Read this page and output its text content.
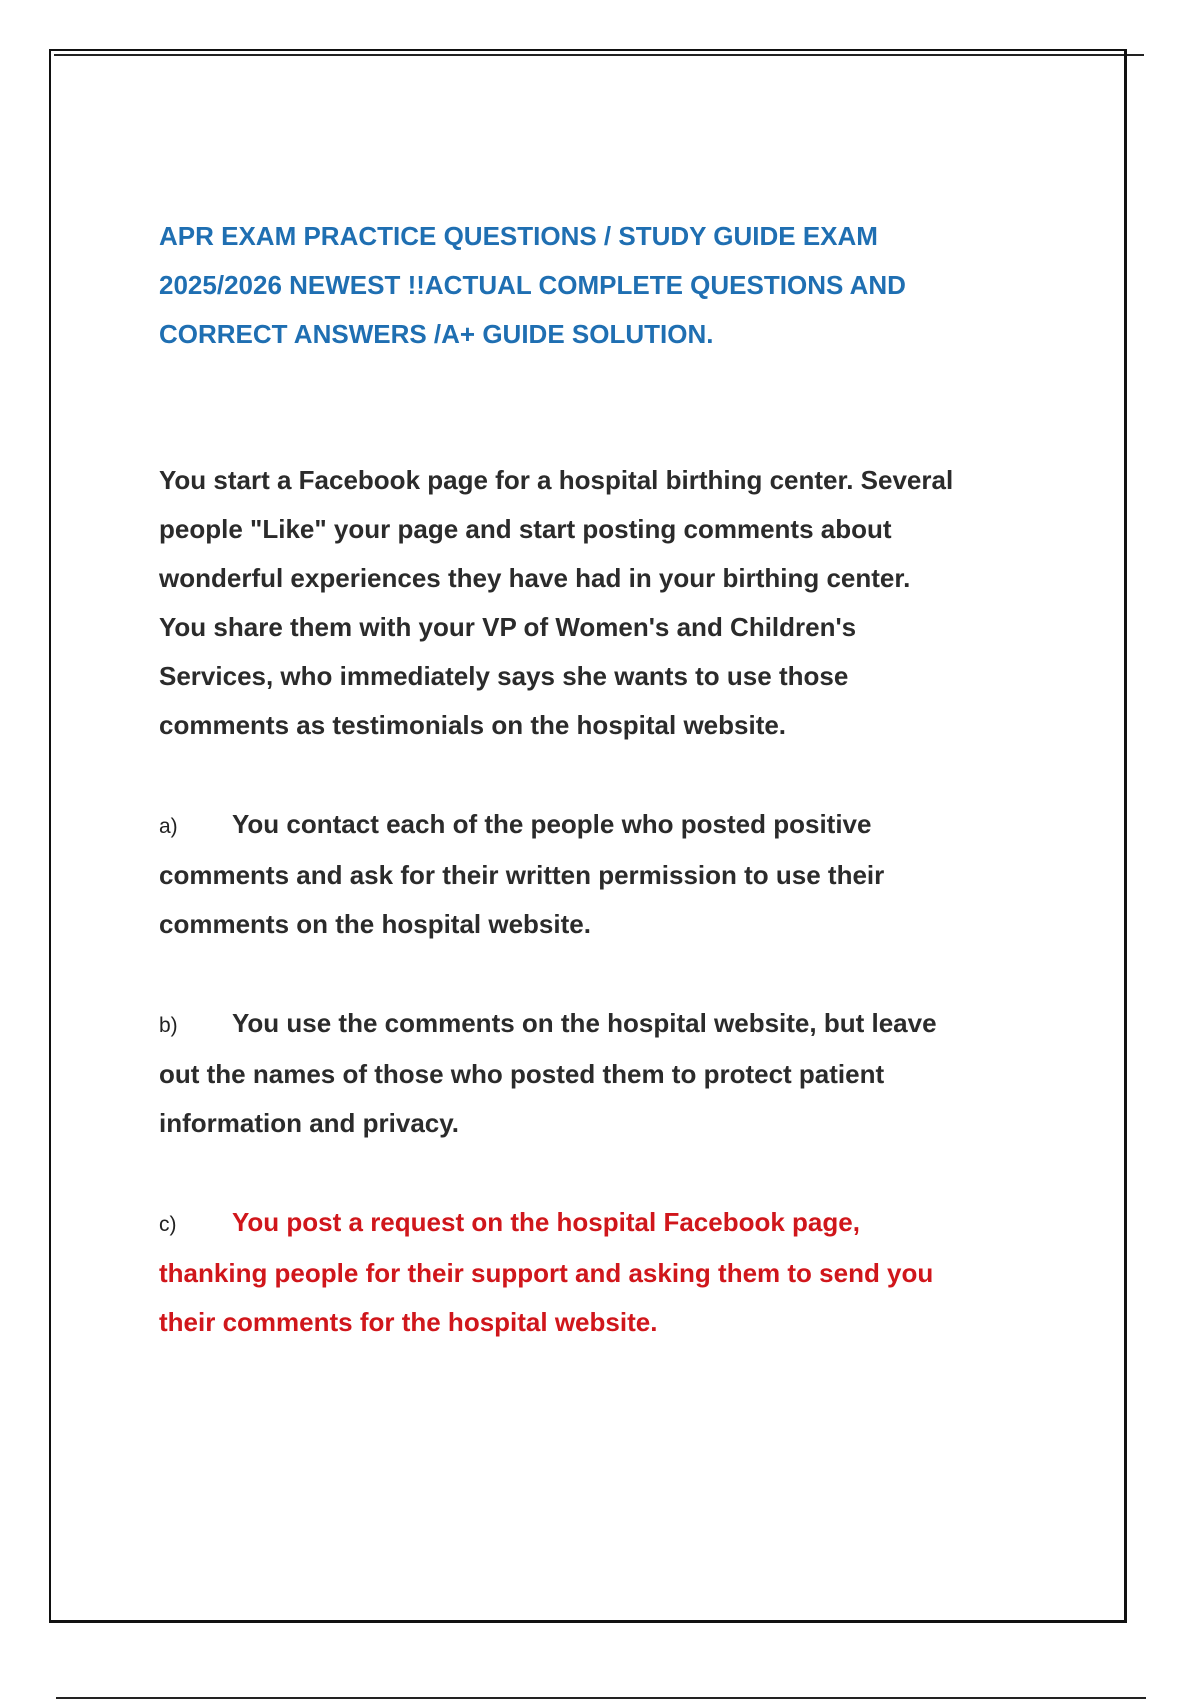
APR EXAM PRACTICE QUESTIONS / STUDY GUIDE EXAM
2025/2026 NEWEST !!ACTUAL COMPLETE QUESTIONS AND
CORRECT ANSWERS /A+ GUIDE SOLUTION.

You start a Facebook page for a hospital birthing center. Several
people "Like" your page and start posting comments about
wonderful experiences they have had in your birthing center.
You share them with your VP of Women's and Children's
Services, who immediately says she wants to use those
comments as testimonials on the hospital website.

a) You contact each of the people who posted positive
comments and ask for their written permission to use their
comments on the hospital website.

b) You use the comments on the hospital website, but leave
out the names of those who posted them to protect patient
information and privacy.

c) You post a request on the hospital Facebook page,
thanking people for their support and asking them to send you
their comments for the hospital website.
